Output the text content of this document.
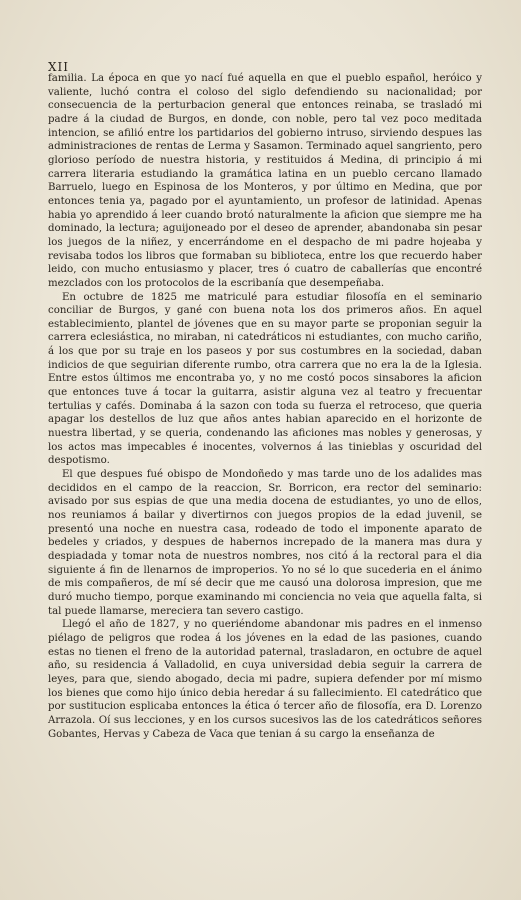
XII

familia. La época en que yo nací fué aquella en que el pueblo español, heróico y valiente, luchó contra el coloso del siglo defendiendo su nacionalidad; por consecuencia de la perturbacion general que entonces reinaba, se trasladó mi padre á la ciudad de Burgos, en donde, con noble, pero tal vez poco meditada intencion, se afilió entre los partidarios del gobierno intruso, sirviendo despues las administraciones de rentas de Lerma y Sasamon. Terminado aquel sangriento, pero glorioso período de nuestra historia, y restituidos á Medina, di principio á mi carrera literaria estudiando la gramática latina en un pueblo cercano llamado Barruelo, luego en Espinosa de los Monteros, y por último en Medina, que por entonces tenia ya, pagado por el ayuntamiento, un profesor de latinidad. Apenas habia yo aprendido á leer cuando brotó naturalmente la aficion que siempre me ha dominado, la lectura; aguijoneado por el deseo de aprender, abandonaba sin pesar los juegos de la niñez, y encerrándome en el despacho de mi padre hojeaba y revisaba todos los libros que formaban su biblioteca, entre los que recuerdo haber leido, con mucho entusiasmo y placer, tres ó cuatro de caballerías que encontré mezclados con los protocolos de la escribanía que desempeñaba.

En octubre de 1825 me matriculé para estudiar filosofía en el seminario conciliar de Burgos, y gané con buena nota los dos primeros años. En aquel establecimiento, plantel de jóvenes que en su mayor parte se proponian seguir la carrera eclesiástica, no miraban, ni catedráticos ni estudiantes, con mucho cariño, á los que por su traje en los paseos y por sus costumbres en la sociedad, daban indicios de que seguirian diferente rumbo, otra carrera que no era la de la Iglesia. Entre estos últimos me encontraba yo, y no me costó pocos sinsabores la aficion que entonces tuve á tocar la guitarra, asistir alguna vez al teatro y frecuentar tertulias y cafés. Dominaba á la sazon con toda su fuerza el retroceso, que queria apagar los destellos de luz que años antes habian aparecido en el horizonte de nuestra libertad, y se queria, condenando las aficiones mas nobles y generosas, y los actos mas impecables é inocentes, volvernos á las tinieblas y oscuridad del despotismo.

El que despues fué obispo de Mondoñedo y mas tarde uno de los adalides mas decididos en el campo de la reaccion, Sr. Borricon, era rector del seminario: avisado por sus espias de que una media docena de estudiantes, yo uno de ellos, nos reuniamos á bailar y divertirnos con juegos propios de la edad juvenil, se presentó una noche en nuestra casa, rodeado de todo el imponente aparato de bedeles y criados, y despues de habernos increpado de la manera mas dura y despiadada y tomar nota de nuestros nombres, nos citó á la rectoral para el dia siguiente á fin de llenarnos de improperios. Yo no sé lo que sucederia en el ánimo de mis compañeros, de mí sé decir que me causó una dolorosa impresion, que me duró mucho tiempo, porque examinando mi conciencia no veia que aquella falta, si tal puede llamarse, mereciera tan severo castigo.

Llegó el año de 1827, y no queriéndome abandonar mis padres en el inmenso piélago de peligros que rodea á los jóvenes en la edad de las pasiones, cuando estas no tienen el freno de la autoridad paternal, trasladaron, en octubre de aquel año, su residencia á Valladolid, en cuya universidad debia seguir la carrera de leyes, para que, siendo abogado, decia mi padre, supiera defender por mí mismo los bienes que como hijo único debia heredar á su fallecimiento. El catedrático que por sustitucion esplicaba entonces la ética ó tercer año de filosofía, era D. Lorenzo Arrazola. Oí sus lecciones, y en los cursos sucesivos las de los catedráticos señores Gobantes, Hervas y Cabeza de Vaca que tenian á su cargo la enseñanza de
